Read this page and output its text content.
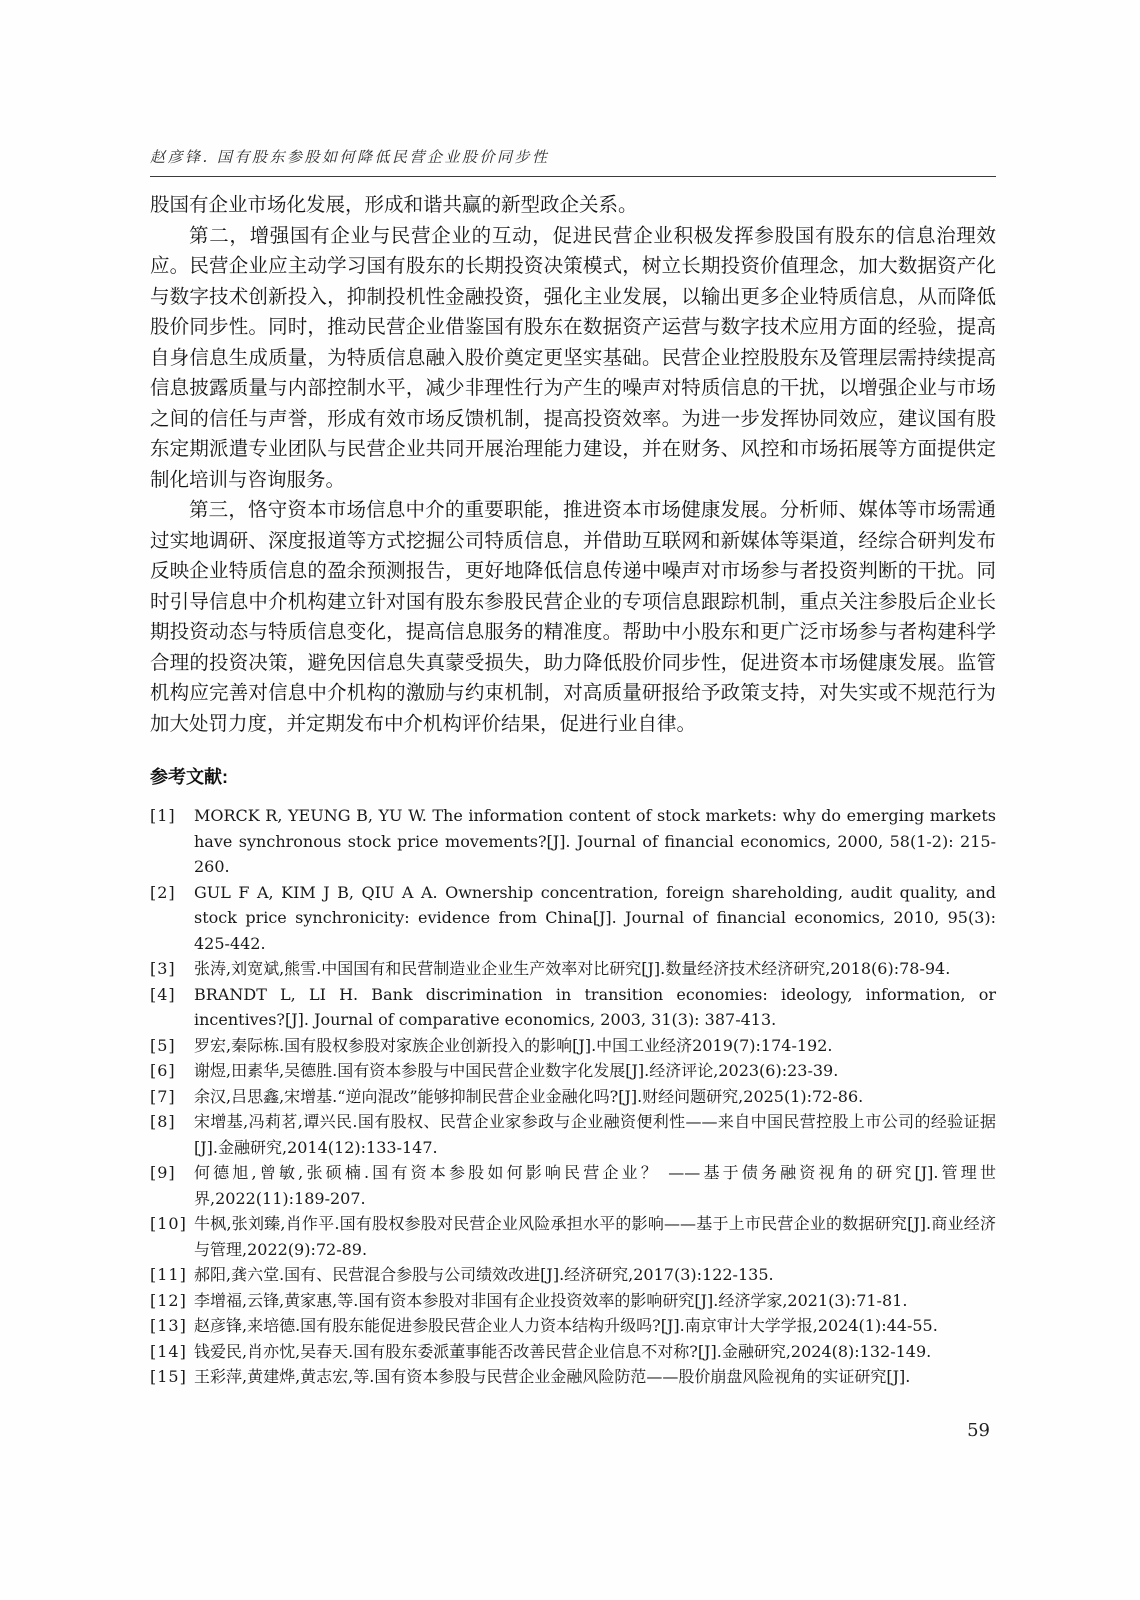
赵彦锋. 国有股东参股如何降低民营企业股价同步性

股国有企业市场化发展，形成和谐共赢的新型政企关系。

第二，增强国有企业与民营企业的互动，促进民营企业积极发挥参股国有股东的信息治理效应。民营企业应主动学习国有股东的长期投资决策模式，树立长期投资价值理念，加大数据资产化与数字技术创新投入，抑制投机性金融投资，强化主业发展，以输出更多企业特质信息，从而降低股价同步性。同时，推动民营企业借鉴国有股东在数据资产运营与数字技术应用方面的经验，提高自身信息生成质量，为特质信息融入股价奠定更坚实基础。民营企业控股股东及管理层需持续提高信息披露质量与内部控制水平，减少非理性行为产生的噪声对特质信息的干扰，以增强企业与市场之间的信任与声誉，形成有效市场反馈机制，提高投资效率。为进一步发挥协同效应，建议国有股东定期派遣专业团队与民营企业共同开展治理能力建设，并在财务、风控和市场拓展等方面提供定制化培训与咨询服务。

第三，恪守资本市场信息中介的重要职能，推进资本市场健康发展。分析师、媒体等市场需通过实地调研、深度报道等方式挖掘公司特质信息，并借助互联网和新媒体等渠道，经综合研判发布反映企业特质信息的盈余预测报告，更好地降低信息传递中噪声对市场参与者投资判断的干扰。同时引导信息中介机构建立针对国有股东参股民营企业的专项信息跟踪机制，重点关注参股后企业长期投资动态与特质信息变化，提高信息服务的精准度。帮助中小股东和更广泛市场参与者构建科学合理的投资决策，避免因信息失真蒙受损失，助力降低股价同步性，促进资本市场健康发展。监管机构应完善对信息中介机构的激励与约束机制，对高质量研报给予政策支持，对失实或不规范行为加大处罚力度，并定期发布中介机构评价结果，促进行业自律。

参考文献:
[1]	MORCK R, YEUNG B, YU W. The information content of stock markets: why do emerging markets have synchronous stock price movements?[J]. Journal of financial economics, 2000, 58(1-2): 215-260.
[2]	GUL F A, KIM J B, QIU A A. Ownership concentration, foreign shareholding, audit quality, and stock price synchronicity: evidence from China[J]. Journal of financial economics, 2010, 95(3): 425-442.
[3]	张涛,刘宽斌,熊雪.中国国有和民营制造业企业生产效率对比研究[J].数量经济技术经济研究,2018(6):78-94.
[4]	BRANDT L, LI H. Bank discrimination in transition economies: ideology, information, or incentives?[J]. Journal of comparative economics, 2003, 31(3): 387-413.
[5]	罗宏,秦际栋.国有股权参股对家族企业创新投入的影响[J].中国工业经济2019(7):174-192.
[6]	谢煜,田素华,吴德胜.国有资本参股与中国民营企业数字化发展[J].经济评论,2023(6):23-39.
[7]	余汉,吕思鑫,宋增基.“逆向混改”能够抑制民营企业金融化吗?[J].财经问题研究,2025(1):72-86.
[8]	宋增基,冯莉茗,谭兴民.国有股权、民营企业家参政与企业融资便利性——来自中国民营控股上市公司的经验证据[J].金融研究,2014(12):133-147.
[9]	何德旭,曾敏,张硕楠.国有资本参股如何影响民营企业？ ——基于债务融资视角的研究[J].管理世界,2022(11):189-207.
[10] 牛枫,张刘臻,肖作平.国有股权参股对民营企业风险承担水平的影响——基于上市民营企业的数据研究[J].商业经济与管理,2022(9):72-89.
[11] 郝阳,龚六堂.国有、民营混合参股与公司绩效改进[J].经济研究,2017(3):122-135.
[12] 李增福,云锋,黄家惠,等.国有资本参股对非国有企业投资效率的影响研究[J].经济学家,2021(3):71-81.
[13] 赵彦锋,来培德.国有股东能促进参股民营企业人力资本结构升级吗?[J].南京审计大学学报,2024(1):44-55.
[14] 钱爱民,肖亦忱,吴春天.国有股东委派董事能否改善民营企业信息不对称?[J].金融研究,2024(8):132-149.
[15] 王彩萍,黄建烨,黄志宏,等.国有资本参股与民营企业金融风险防范——股价崩盘风险视角的实证研究[J].
59
